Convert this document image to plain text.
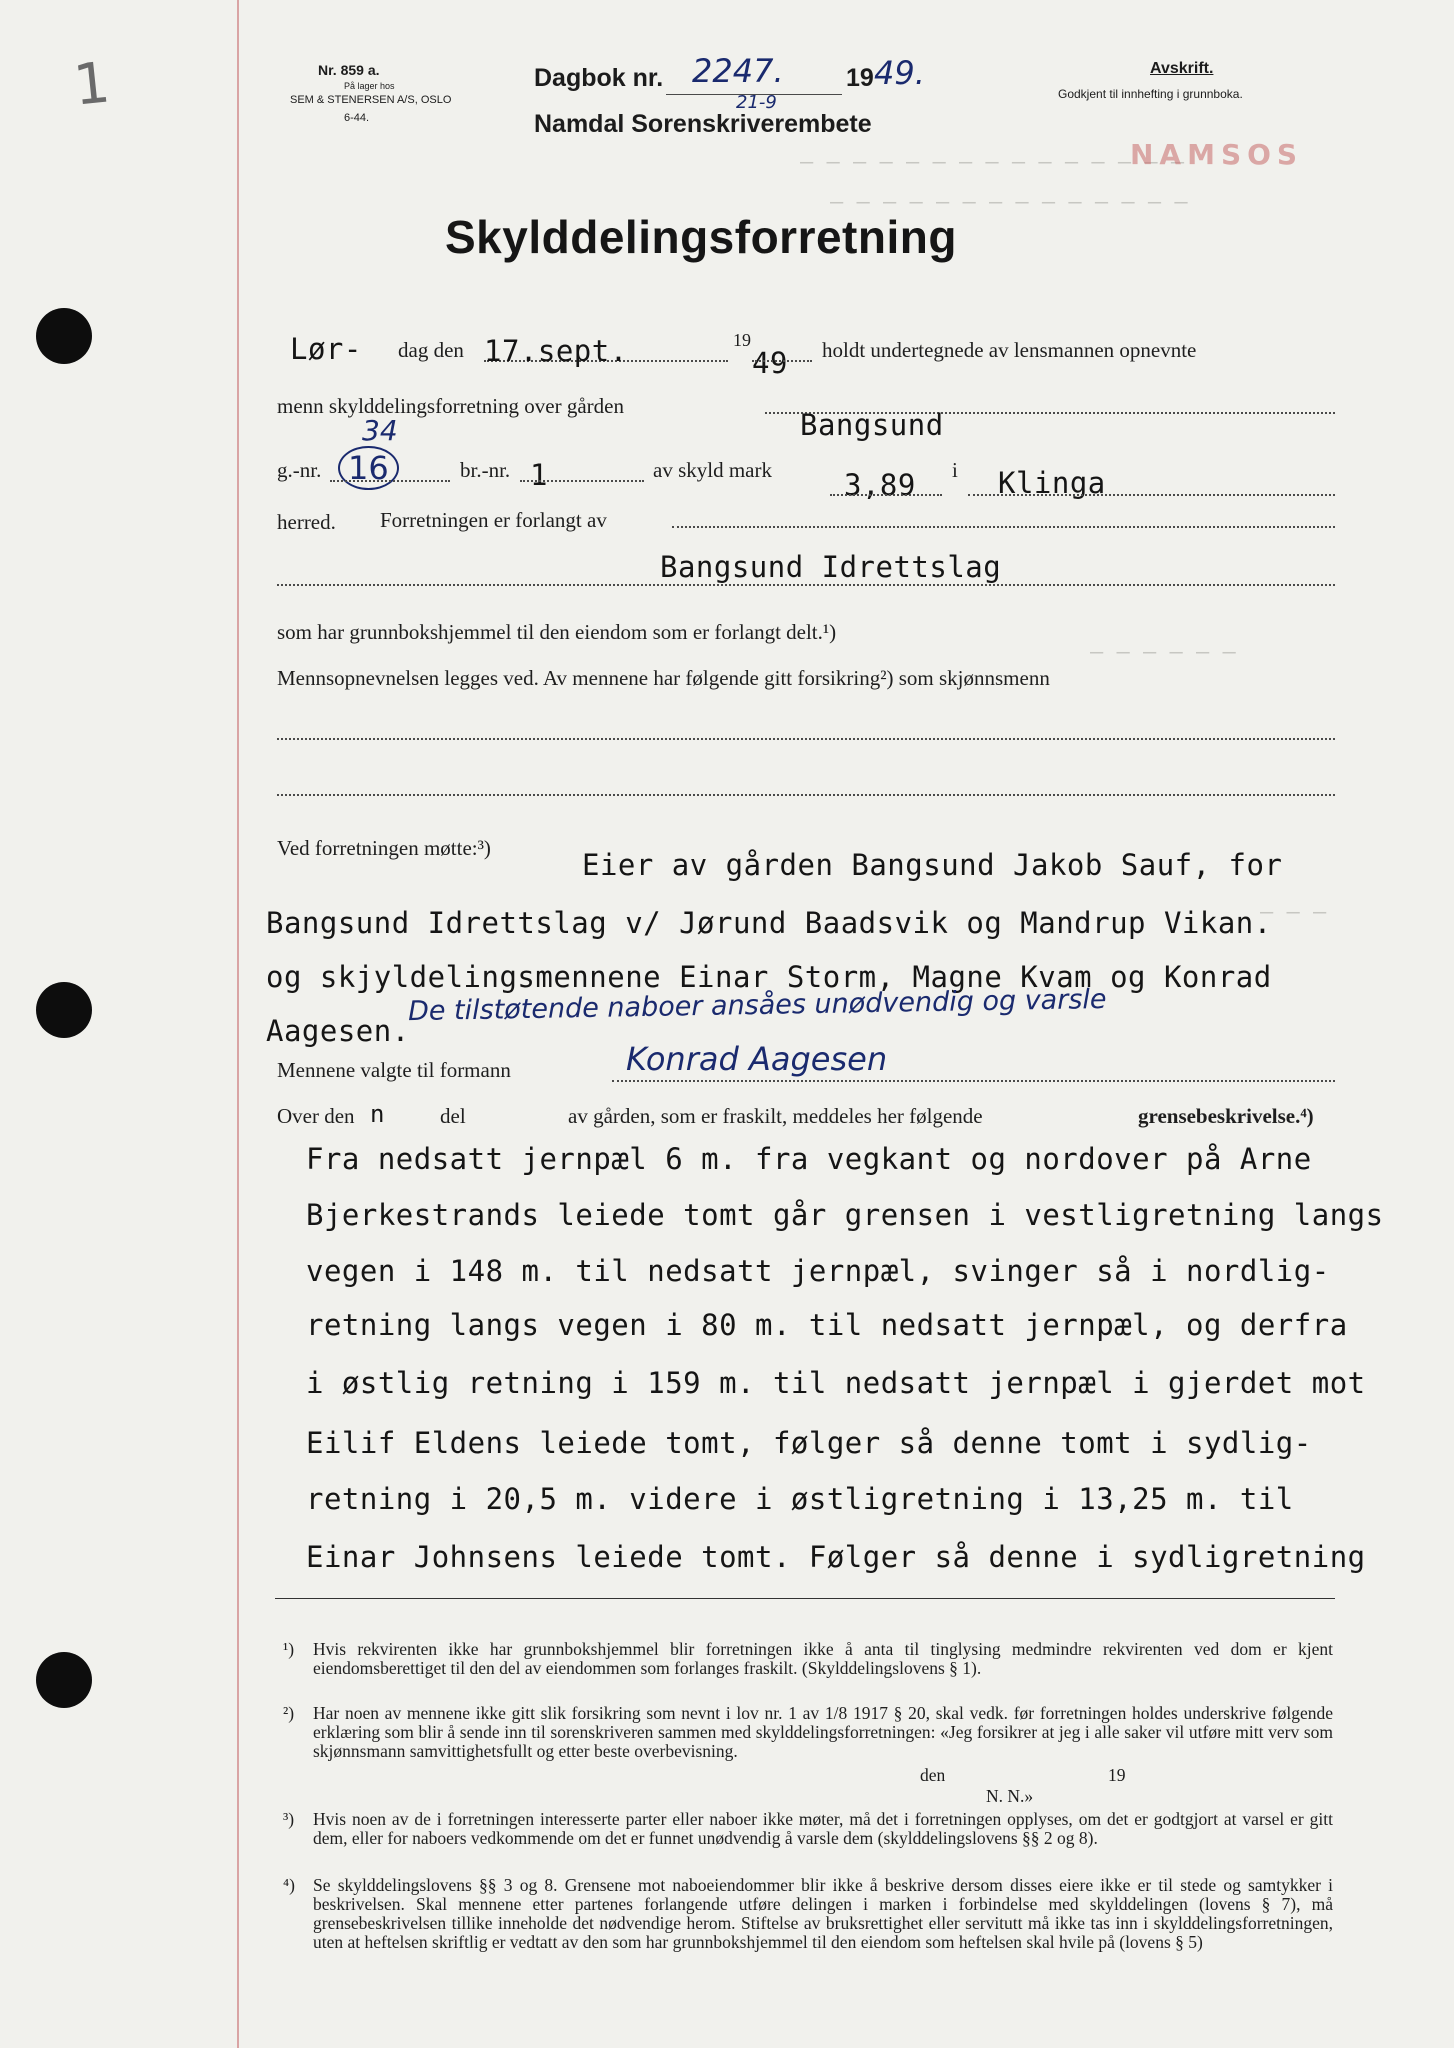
— — — — — — — — — — — — — — —
— — — — — — — — — — — — — —
— — — — — —
— — —
1	Nr. 859 a.
På lager hos
SEM & STENERSEN A/S, OSLO
6-44.
Dagbok nr. 2247. 19 49.
21-9
Namdal Sorenskriverembete
Avskrift.
Godkjent til innhefting i grunnboka.
NAMSOS
Skylddelingsforretning
Lør- dag den 17.sept.	19
49 holdt undertegnede av lensmannen opnevnte
menn skylddelingsforretning over gården
Bangsund
g.-nr. 16
34
br.-nr. 1	av skyld mark 3,89 i Klinga
herred. Forretningen er forlangt av
Bangsund Idrettslag
som har grunnbokshjemmel til den eiendom som er forlangt delt.¹)
Mennsopnevnelsen legges ved. Av mennene har følgende gitt forsikring²) som skjønnsmenn
Ved forretningen møtte:³)	Eier av gården Bangsund Jakob Sauf, for
Bangsund Idrettslag v/ Jørund Baadsvik og Mandrup Vikan.
og skjyldelingsmennene Einar Storm, Magne Kvam og Konrad
Aagesen.
De tilstøtende naboer ansåes unødvendig og varsle
Mennene valgte til formann	Konrad Aagesen
Over den n	del	av gården, som er fraskilt, meddeles her følgende	grensebeskrivelse.⁴)
Fra nedsatt jernpæl 6 m. fra vegkant og nordover på Arne
Bjerkestrands leiede tomt går grensen i vestligretning langs
vegen i 148 m. til nedsatt jernpæl, svinger så i nordlig-
retning langs vegen i 80 m. til nedsatt jernpæl, og derfra
i østlig retning i 159 m. til nedsatt jernpæl i gjerdet mot
Eilif Eldens leiede tomt, følger så denne tomt i sydlig-
retning i 20,5 m. videre i østligretning i 13,25 m. til
Einar Johnsens leiede tomt. Følger så denne i sydligretning
¹)	Hvis rekvirenten ikke har grunnbokshjemmel blir forretningen ikke å anta til tinglysing medmindre rekvirenten ved dom er kjent eiendomsberettiget til den del av eiendommen som forlanges fraskilt. (Skylddelingslovens § 1).
²)	Har noen av mennene ikke gitt slik forsikring som nevnt i lov nr. 1 av 1/8 1917 § 20, skal vedk. før forretningen holdes underskrive følgende erklæring som blir å sende inn til sorenskriveren sammen med skylddelingsforretningen: «Jeg forsikrer at jeg i alle saker vil utføre mitt verv som skjønnsmann samvittighetsfullt og etter beste overbevisning.
den	19
N. N.»
³)	Hvis noen av de i forretningen interesserte parter eller naboer ikke møter, må det i forretningen opplyses, om det er godtgjort at varsel er gitt dem, eller for naboers vedkommende om det er funnet unødvendig å varsle dem (skylddelingslovens §§ 2 og 8).
⁴)	Se skylddelingslovens §§ 3 og 8. Grensene mot naboeiendommer blir ikke å beskrive dersom disses eiere ikke er til stede og samtykker i beskrivelsen. Skal mennene etter partenes forlangende utføre delingen i marken i forbindelse med skylddelingen (lovens § 7), må grensebeskrivelsen tillike inneholde det nødvendige herom. Stiftelse av bruksrettighet eller servitutt må ikke tas inn i skylddelingsforretningen, uten at heftelsen skriftlig er vedtatt av den som har grunnbokshjemmel til den eiendom som heftelsen skal hvile på (lovens § 5)
